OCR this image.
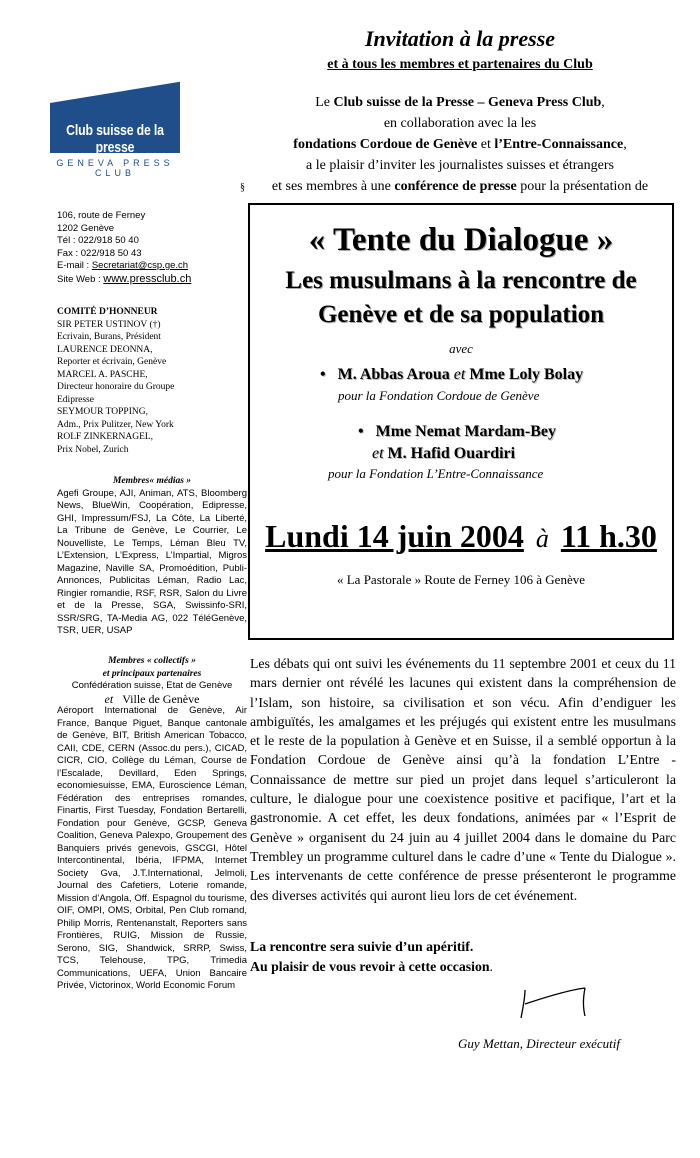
Invitation à la presse
et à tous les membres et partenaires du Club
Le Club suisse de la Presse – Geneva Press Club,
en collaboration avec la les
fondations Cordoue de Genève et l’Entre-Connaissance,
a le plaisir d’inviter les journalistes suisses et étrangers
et ses membres à une conférence de presse pour la présentation de
§
Club suisse de la presse
GENEVA PRESS CLUB
106, route de Ferney
1202 Genève
Tél : 022/918 50 40
Fax : 022/918 50 43
E-mail : Secretariat@csp.ge.ch
Site Web : www.pressclub.ch
COMITÉ D’HONNEUR
SIR PETER USTINOV (†)
Ecrivain, Burans, Président
LAURENCE DEONNA,
Reporter et écrivain, Genève
MARCEL A. PASCHE,
Directeur honoraire du Groupe
Edipresse
SEYMOUR TOPPING,
Adm., Prix Pulitzer, New York
ROLF ZINKERNAGEL,
Prix Nobel, Zurich
Membres« médias »
Agefi Groupe, AJI, Animan, ATS, Bloomberg News, BlueWin, Coopération, Edipresse, GHI, Impressum/FSJ, La Côte, La Liberté, La Tribune de Genève, Le Courrier, Le Nouvelliste, Le Temps, Léman Bleu TV, L’Extension, L’Express, L’Impartial, Migros Magazine, Naville SA, Promoédition, Publi-Annonces, Publicitas Léman, Radio Lac, Ringier romandie, RSF, RSR, Salon du Livre et de la Presse, SGA, Swissinfo-SRI, SSR/SRG, TA-Media AG, 022 TéléGenève, TSR, UER, USAP
Membres « collectifs »
et principaux partenaires
Confédération suisse, Etat de Genève
et Ville de Genève
Aéroport International de Genève, Air France, Banque Piguet, Banque cantonale de Genève, BIT, British American Tobacco, CAII, CDE, CERN (Assoc.du pers.), CICAD, CICR, CIO, Collège du Léman, Course de l’Escalade, Devillard, Eden Springs, economiesuisse, EMA, Euroscience Léman, Fédération des entreprises romandes, Finartis, First Tuesday, Fondation Bertarelli, Fondation pour Genève, GCSP, Geneva Coalition, Geneva Palexpo, Groupement des Banquiers privés genevois, GSCGI, Hôtel Intercontinental, Ibéria, IFPMA, Internet Society Gva, J.T.International, Jelmoli, Journal des Cafetiers, Loterie romande, Mission d’Angola, Off. Espagnol du tourisme, OIF, OMPI, OMS, Orbital, Pen Club romand, Philip Morris, Rentenanstalt, Reporters sans Frontières, RUIG, Mission de Russie, Serono, SIG, Shandwick, SRRP, Swiss, TCS, Telehouse, TPG, Trimedia Communications, UEFA, Union Bancaire Privée, Victorinox, World Economic Forum
« Tente du Dialogue »
Les musulmans à la rencontre de
Genève et de sa population
avec
•   M. Abbas Aroua et Mme Loly Bolay
pour la Fondation Cordoue de Genève
•   Mme Nemat Mardam-Bey
et M. Hafid Ouardiri
pour la Fondation L’Entre-Connaissance
Lundi 14 juin 2004 à 11 h.30
« La Pastorale » Route de Ferney 106 à Genève
Les débats qui ont suivi les événements du 11 septembre 2001 et ceux du 11 mars dernier ont révélé les lacunes qui existent dans la compréhension de l’Islam, son histoire, sa civilisation et son vécu. Afin d’endiguer les ambiguïtés, les amalgames et les préjugés qui existent entre les musulmans et le reste de la population à Genève et en Suisse, il a semblé opportun à la Fondation Cordoue de Genève ainsi qu’à la fondation L’Entre - Connaissance de mettre sur pied un projet dans lequel s’articuleront la culture, le dialogue pour une coexistence positive et pacifique, l’art et la gastronomie. A cet effet, les deux fondations, animées par « l’Esprit de Genève » organisent du 24 juin au 4 juillet 2004 dans le domaine du Parc Trembley un programme culturel dans le cadre d’une « Tente du Dialogue ». Les intervenants de cette conférence de presse présenteront le programme des diverses activités qui auront lieu lors de cet événement.
La rencontre sera suivie d’un apéritif.
Au plaisir de vous revoir à cette occasion.
Guy Mettan, Directeur exécutif
